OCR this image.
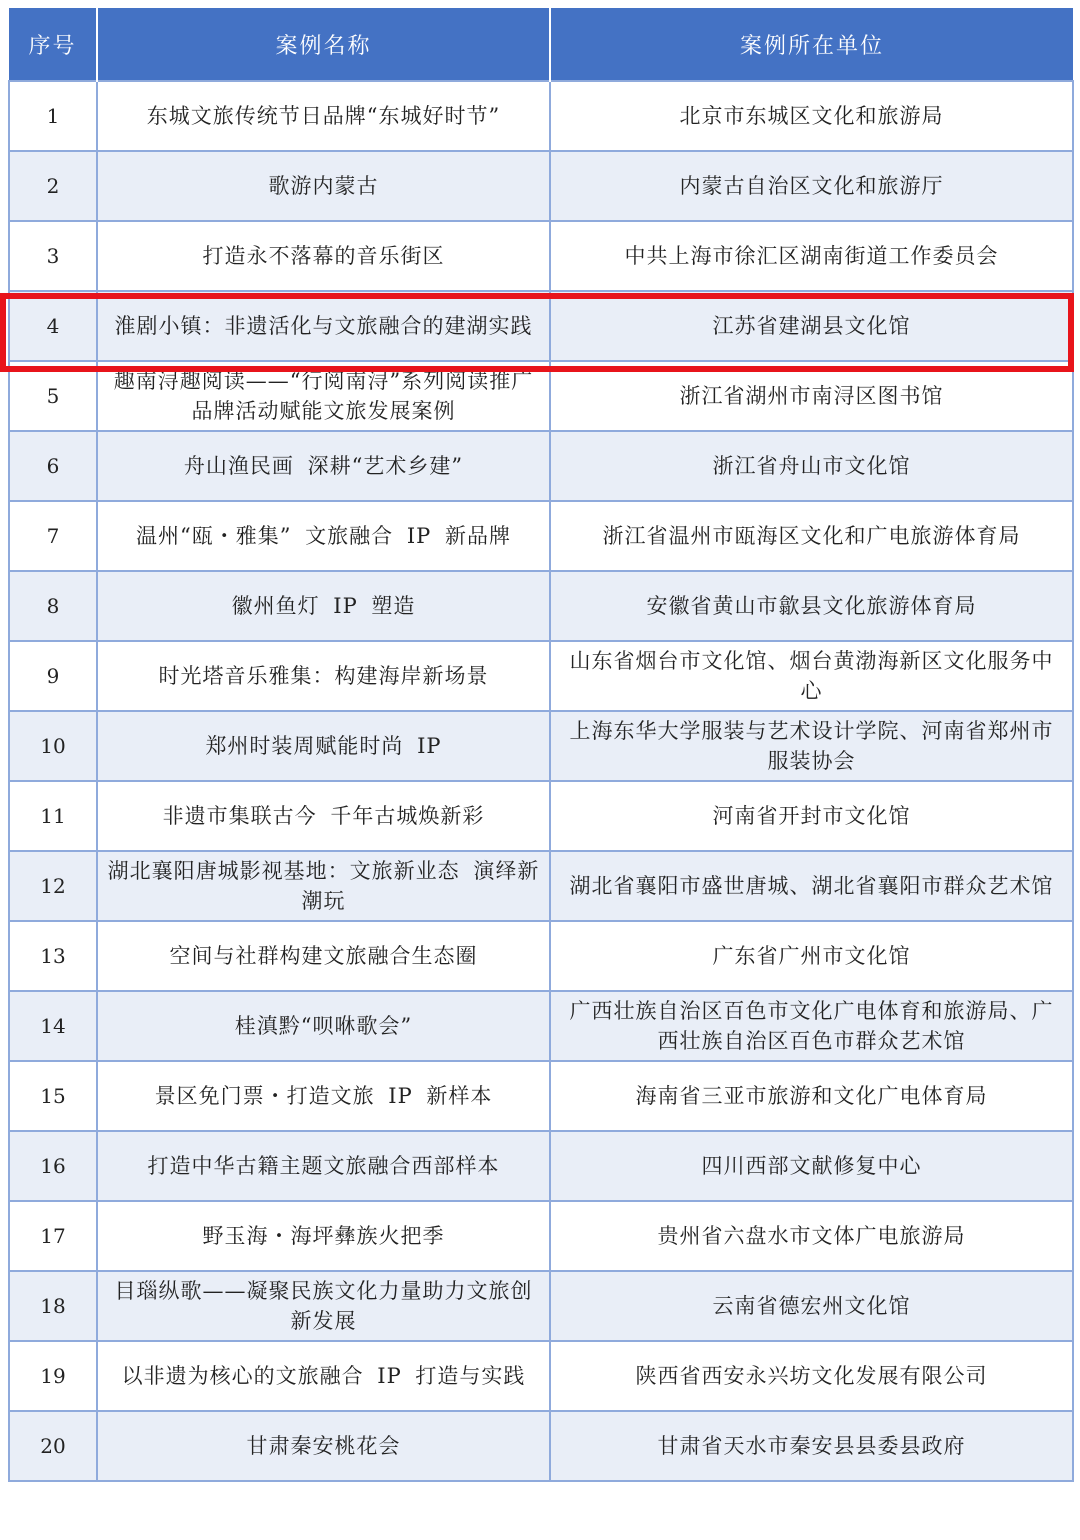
序号	案例名称	案例所在单位
1	东城文旅传统节日品牌“东城好时节”	北京市东城区文化和旅游局
2	歌游内蒙古	内蒙古自治区文化和旅游厅
3	打造永不落幕的音乐街区	中共上海市徐汇区湖南街道工作委员会
4	淮剧小镇：非遗活化与文旅融合的建湖实践	江苏省建湖县文化馆
5	趣南浔趣阅读——“行阅南浔”系列阅读推广品牌活动赋能文旅发展案例	浙江省湖州市南浔区图书馆
6	舟山渔民画 深耕“艺术乡建”	浙江省舟山市文化馆
7	温州“瓯・雅集” 文旅融合 IP 新品牌	浙江省温州市瓯海区文化和广电旅游体育局
8	徽州鱼灯 IP 塑造	安徽省黄山市歙县文化旅游体育局
9	时光塔音乐雅集：构建海岸新场景	山东省烟台市文化馆、烟台黄渤海新区文化服务中心
10	郑州时装周赋能时尚 IP	上海东华大学服装与艺术设计学院、河南省郑州市服装协会
11	非遗市集联古今 千年古城焕新彩	河南省开封市文化馆
12	湖北襄阳唐城影视基地：文旅新业态 演绎新潮玩	湖北省襄阳市盛世唐城、湖北省襄阳市群众艺术馆
13	空间与社群构建文旅融合生态圈	广东省广州市文化馆
14	桂滇黔“呗咻歌会”	广西壮族自治区百色市文化广电体育和旅游局、广西壮族自治区百色市群众艺术馆
15	景区免门票・打造文旅 IP 新样本	海南省三亚市旅游和文化广电体育局
16	打造中华古籍主题文旅融合西部样本	四川西部文献修复中心
17	野玉海・海坪彝族火把季	贵州省六盘水市文体广电旅游局
18	目瑙纵歌——凝聚民族文化力量助力文旅创新发展	云南省德宏州文化馆
19	以非遗为核心的文旅融合 IP 打造与实践	陕西省西安永兴坊文化发展有限公司
20	甘肃秦安桃花会	甘肃省天水市秦安县县委县政府
